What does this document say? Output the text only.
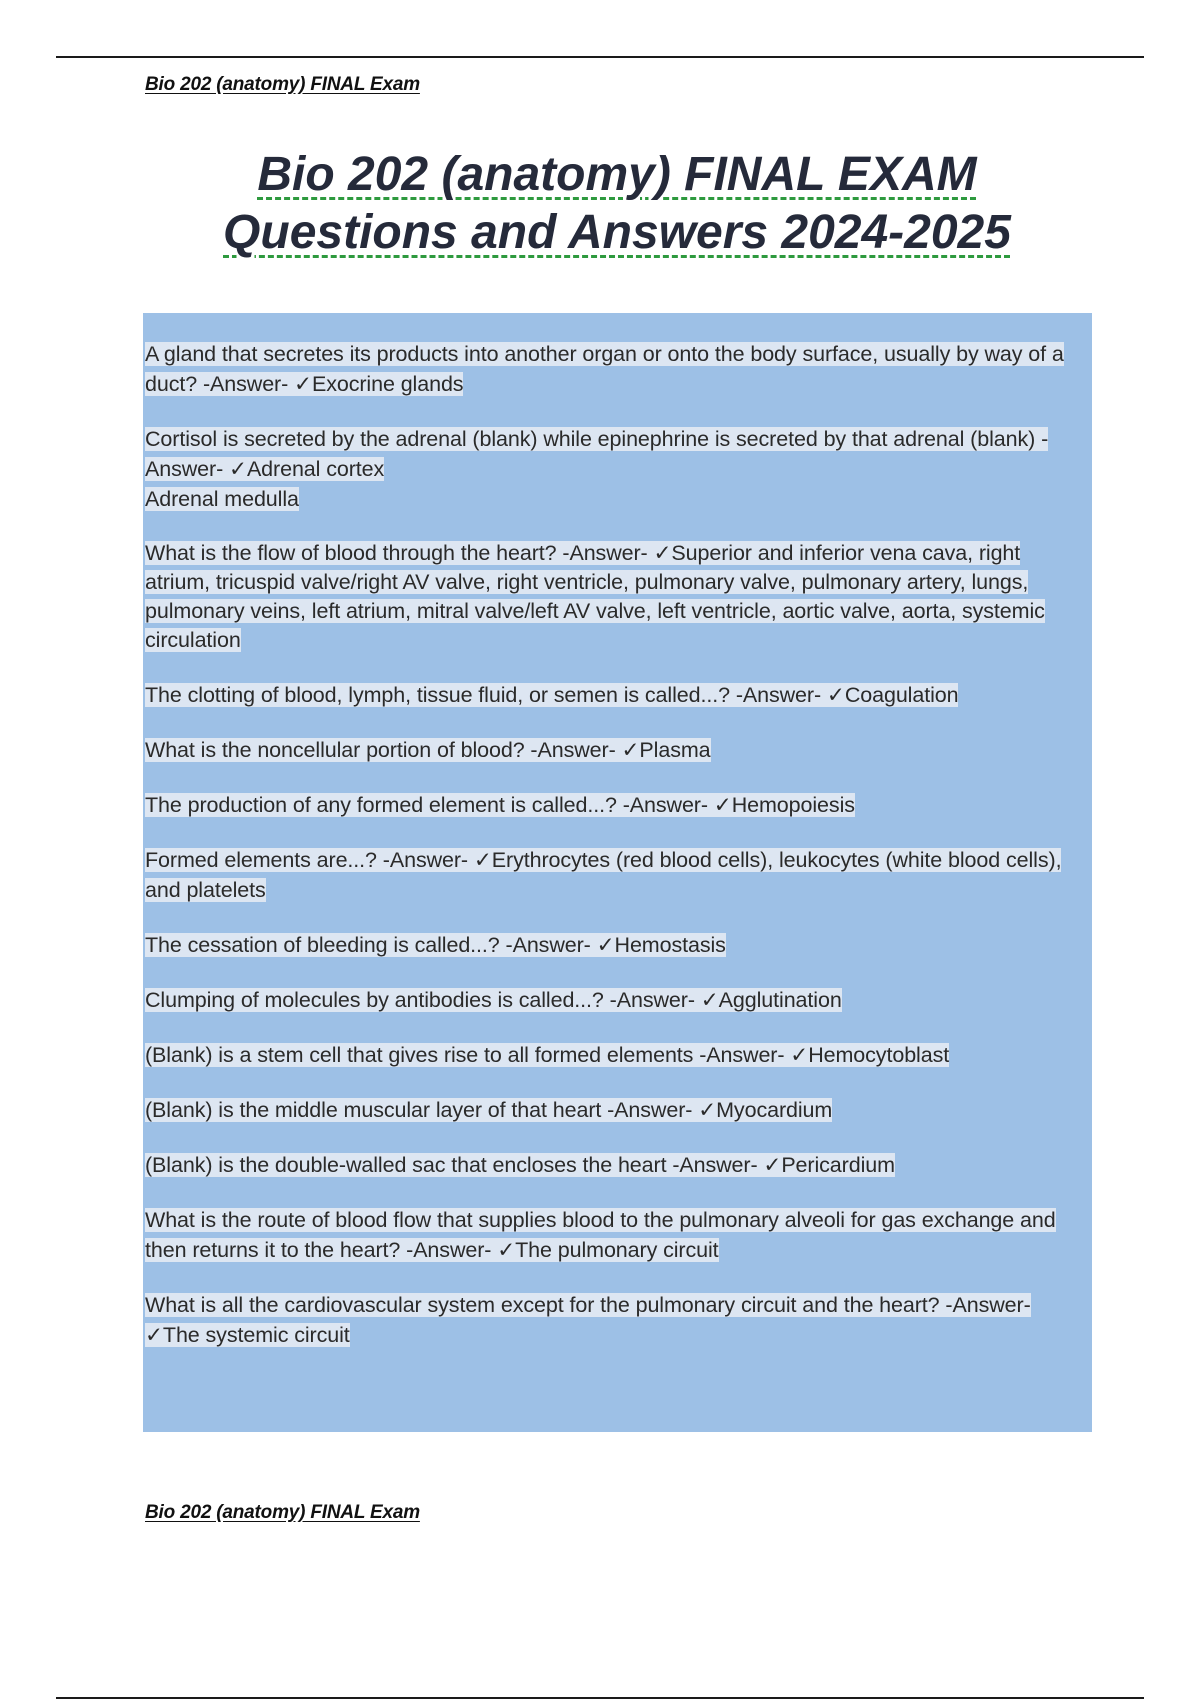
Bio 202 (anatomy) FINAL Exam
Bio 202 (anatomy) FINAL EXAM
Questions and Answers 2024-2025
A gland that secretes its products into another organ or onto the body surface, usually by way of a duct? -Answer- ✓Exocrine glands
Cortisol is secreted by the adrenal (blank) while epinephrine is secreted by that adrenal (blank) -Answer- ✓Adrenal cortex
Adrenal medulla
What is the flow of blood through the heart? -Answer- ✓Superior and inferior vena cava, right atrium, tricuspid valve/right AV valve, right ventricle, pulmonary valve, pulmonary artery, lungs, pulmonary veins, left atrium, mitral valve/left AV valve, left ventricle, aortic valve, aorta, systemic circulation
The clotting of blood, lymph, tissue fluid, or semen is called...? -Answer- ✓Coagulation
What is the noncellular portion of blood? -Answer- ✓Plasma
The production of any formed element is called...? -Answer- ✓Hemopoiesis
Formed elements are...? -Answer- ✓Erythrocytes (red blood cells), leukocytes (white blood cells), and platelets
The cessation of bleeding is called...? -Answer- ✓Hemostasis
Clumping of molecules by antibodies is called...? -Answer- ✓Agglutination
(Blank) is a stem cell that gives rise to all formed elements -Answer- ✓Hemocytoblast
(Blank) is the middle muscular layer of that heart -Answer- ✓Myocardium
(Blank) is the double-walled sac that encloses the heart -Answer- ✓Pericardium
What is the route of blood flow that supplies blood to the pulmonary alveoli for gas exchange and then returns it to the heart? -Answer- ✓The pulmonary circuit
What is all the cardiovascular system except for the pulmonary circuit and the heart? -Answer- ✓The systemic circuit
Bio 202 (anatomy) FINAL Exam
